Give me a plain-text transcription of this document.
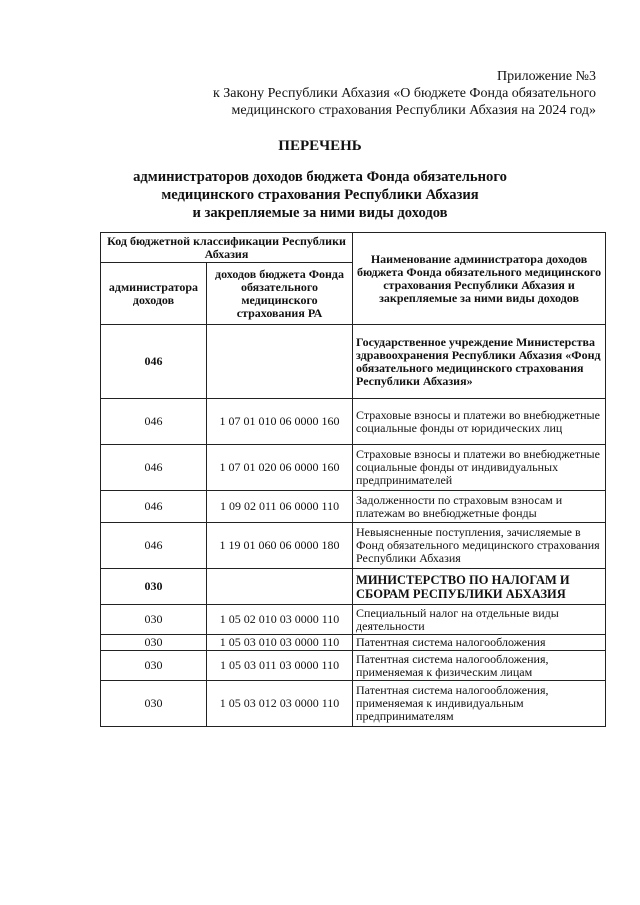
Приложение №3
к Закону Республики Абхазия «О бюджете Фонда обязательного
медицинского страхования Республики Абхазия на 2024 год»
ПЕРЕЧЕНЬ
администраторов доходов бюджета Фонда обязательного
медицинского страхования Республики Абхазия
и закрепляемые за ними виды доходов
Код бюджетной классификации Республики Абхазия		Наименование администратора доходов бюджета Фонда обязательного медицинского страхования Республики Абхазия и закрепляемые за ними виды доходов
администратора доходов	доходов бюджета Фонда обязательного медицинского страхования РА	
046		Государственное учреждение Министерства здравоохранения Республики Абхазия «Фонд обязательного медицинского страхования Республики Абхазия»
046	1 07 01 010 06 0000 160	Страховые взносы и платежи во внебюджетные социальные фонды от юридических лиц
046	1 07 01 020 06 0000 160	Страховые взносы и платежи во внебюджетные социальные фонды от индивидуальных предпринимателей
046	1 09 02 011 06 0000 110	Задолженности по страховым взносам и платежам во внебюджетные фонды
046	1 19 01 060 06 0000 180	Невыясненные поступления, зачисляемые в Фонд обязательного медицинского страхования Республики Абхазия
030		МИНИСТЕРСТВО ПО НАЛОГАМ И СБОРАМ РЕСПУБЛИКИ АБХАЗИЯ
030	1 05 02 010 03 0000 110	Специальный налог на отдельные виды деятельности
030	1 05 03 010 03 0000 110	Патентная система налогообложения
030	1 05 03 011 03 0000 110	Патентная система налогообложения, применяемая к физическим лицам
030	1 05 03 012 03 0000 110	Патентная система налогообложения, применяемая к индивидуальным предпринимателям
